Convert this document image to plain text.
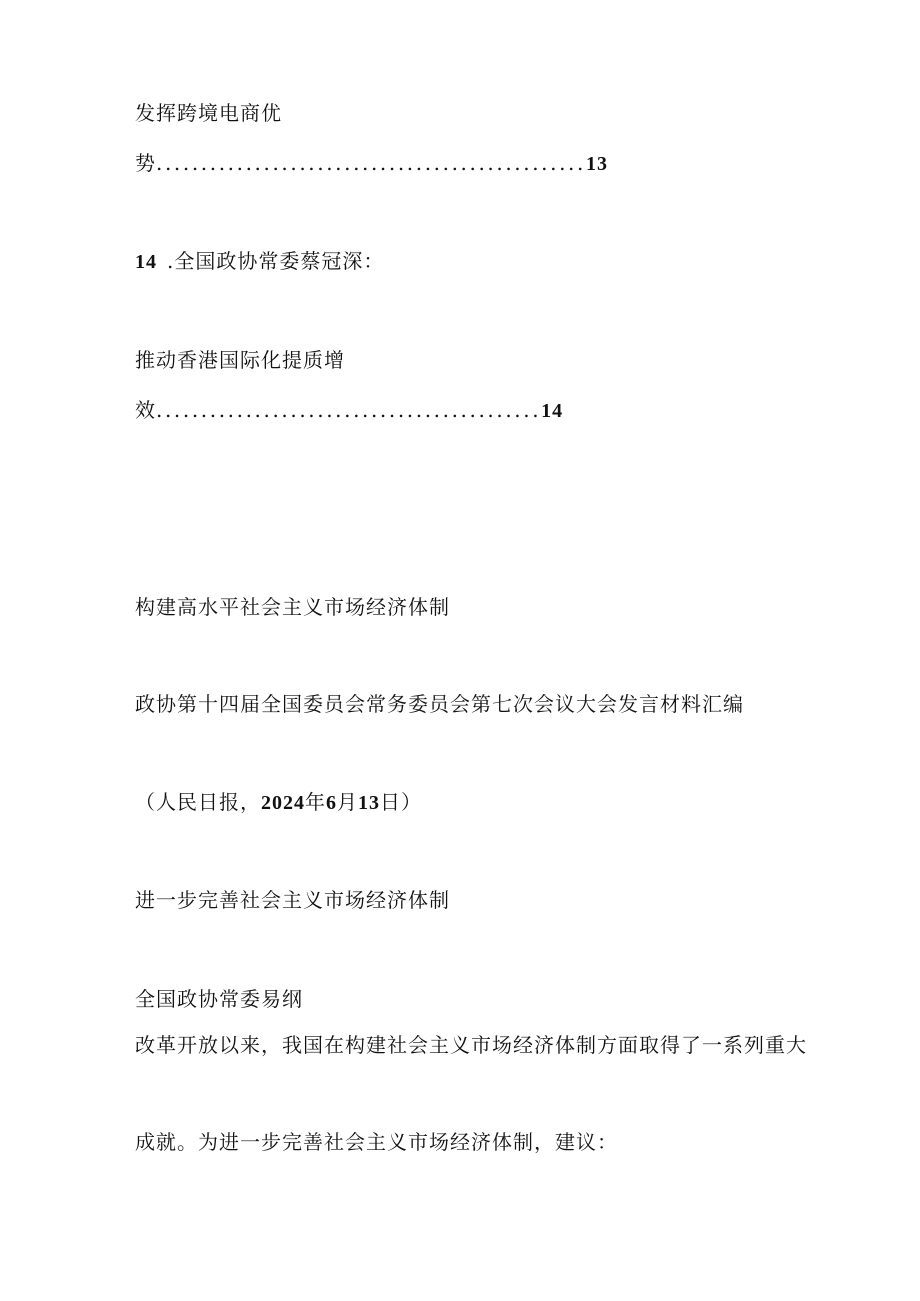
发挥跨境电商优
势................................................13
14 .全国政协常委蔡冠深：
推动香港国际化提质增
效...........................................14
构建高水平社会主义市场经济体制
政协第十四届全国委员会常务委员会第七次会议大会发言材料汇编
（人民日报，2024年6月13日）
进一步完善社会主义市场经济体制
全国政协常委易纲
改革开放以来，我国在构建社会主义市场经济体制方面取得了一系列重大
成就。为进一步完善社会主义市场经济体制，建议：
